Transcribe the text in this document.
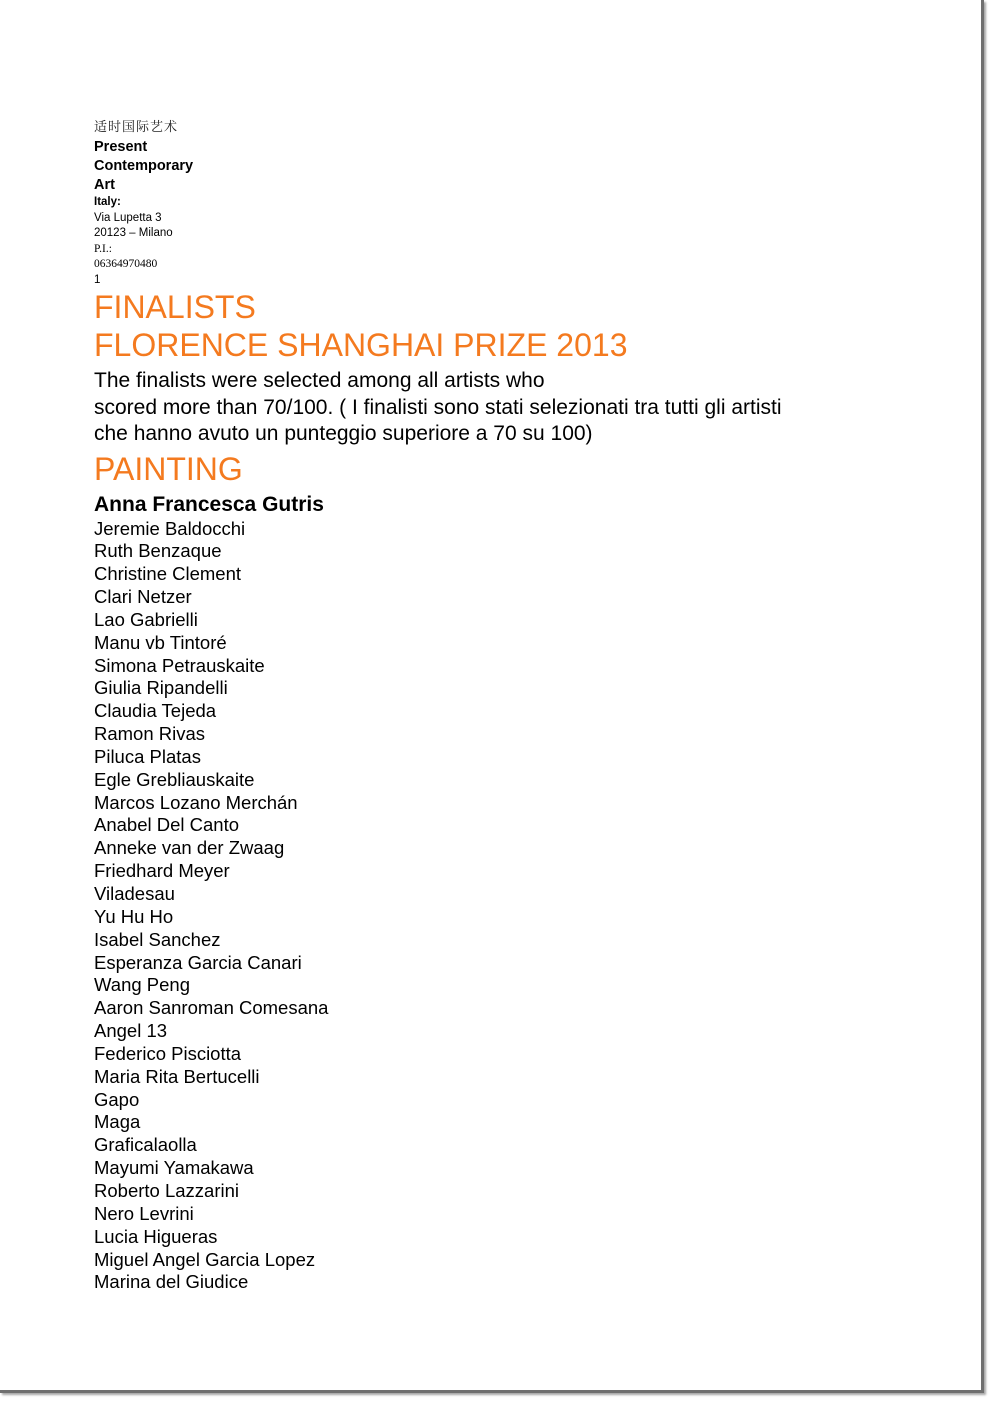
适时国际艺术
Present
Contemporary
Art
Italy:
Via Lupetta 3
20123 – Milano
P.I.:
06364970480
1
FINALISTS
FLORENCE SHANGHAI PRIZE 2013
The finalists were selected among all artists who
scored more than 70/100. ( I finalisti sono stati selezionati tra tutti gli artisti
che hanno avuto un punteggio superiore a 70 su 100)
PAINTING
Anna Francesca Gutris
Jeremie Baldocchi
Ruth Benzaque
Christine Clement
Clari Netzer
Lao Gabrielli
Manu vb Tintoré
Simona Petrauskaite
Giulia Ripandelli
Claudia Tejeda
Ramon Rivas
Piluca Platas
Egle Grebliauskaite
Marcos Lozano Merchán
Anabel Del Canto
Anneke van der Zwaag
Friedhard Meyer
Viladesau
Yu Hu Ho
Isabel Sanchez
Esperanza Garcia Canari
Wang Peng
Aaron Sanroman Comesana
Angel 13
Federico Pisciotta
Maria Rita Bertucelli
Gapo
Maga
Graficalaolla
Mayumi Yamakawa
Roberto Lazzarini
Nero Levrini
Lucia Higueras
Miguel Angel Garcia Lopez
Marina del Giudice
